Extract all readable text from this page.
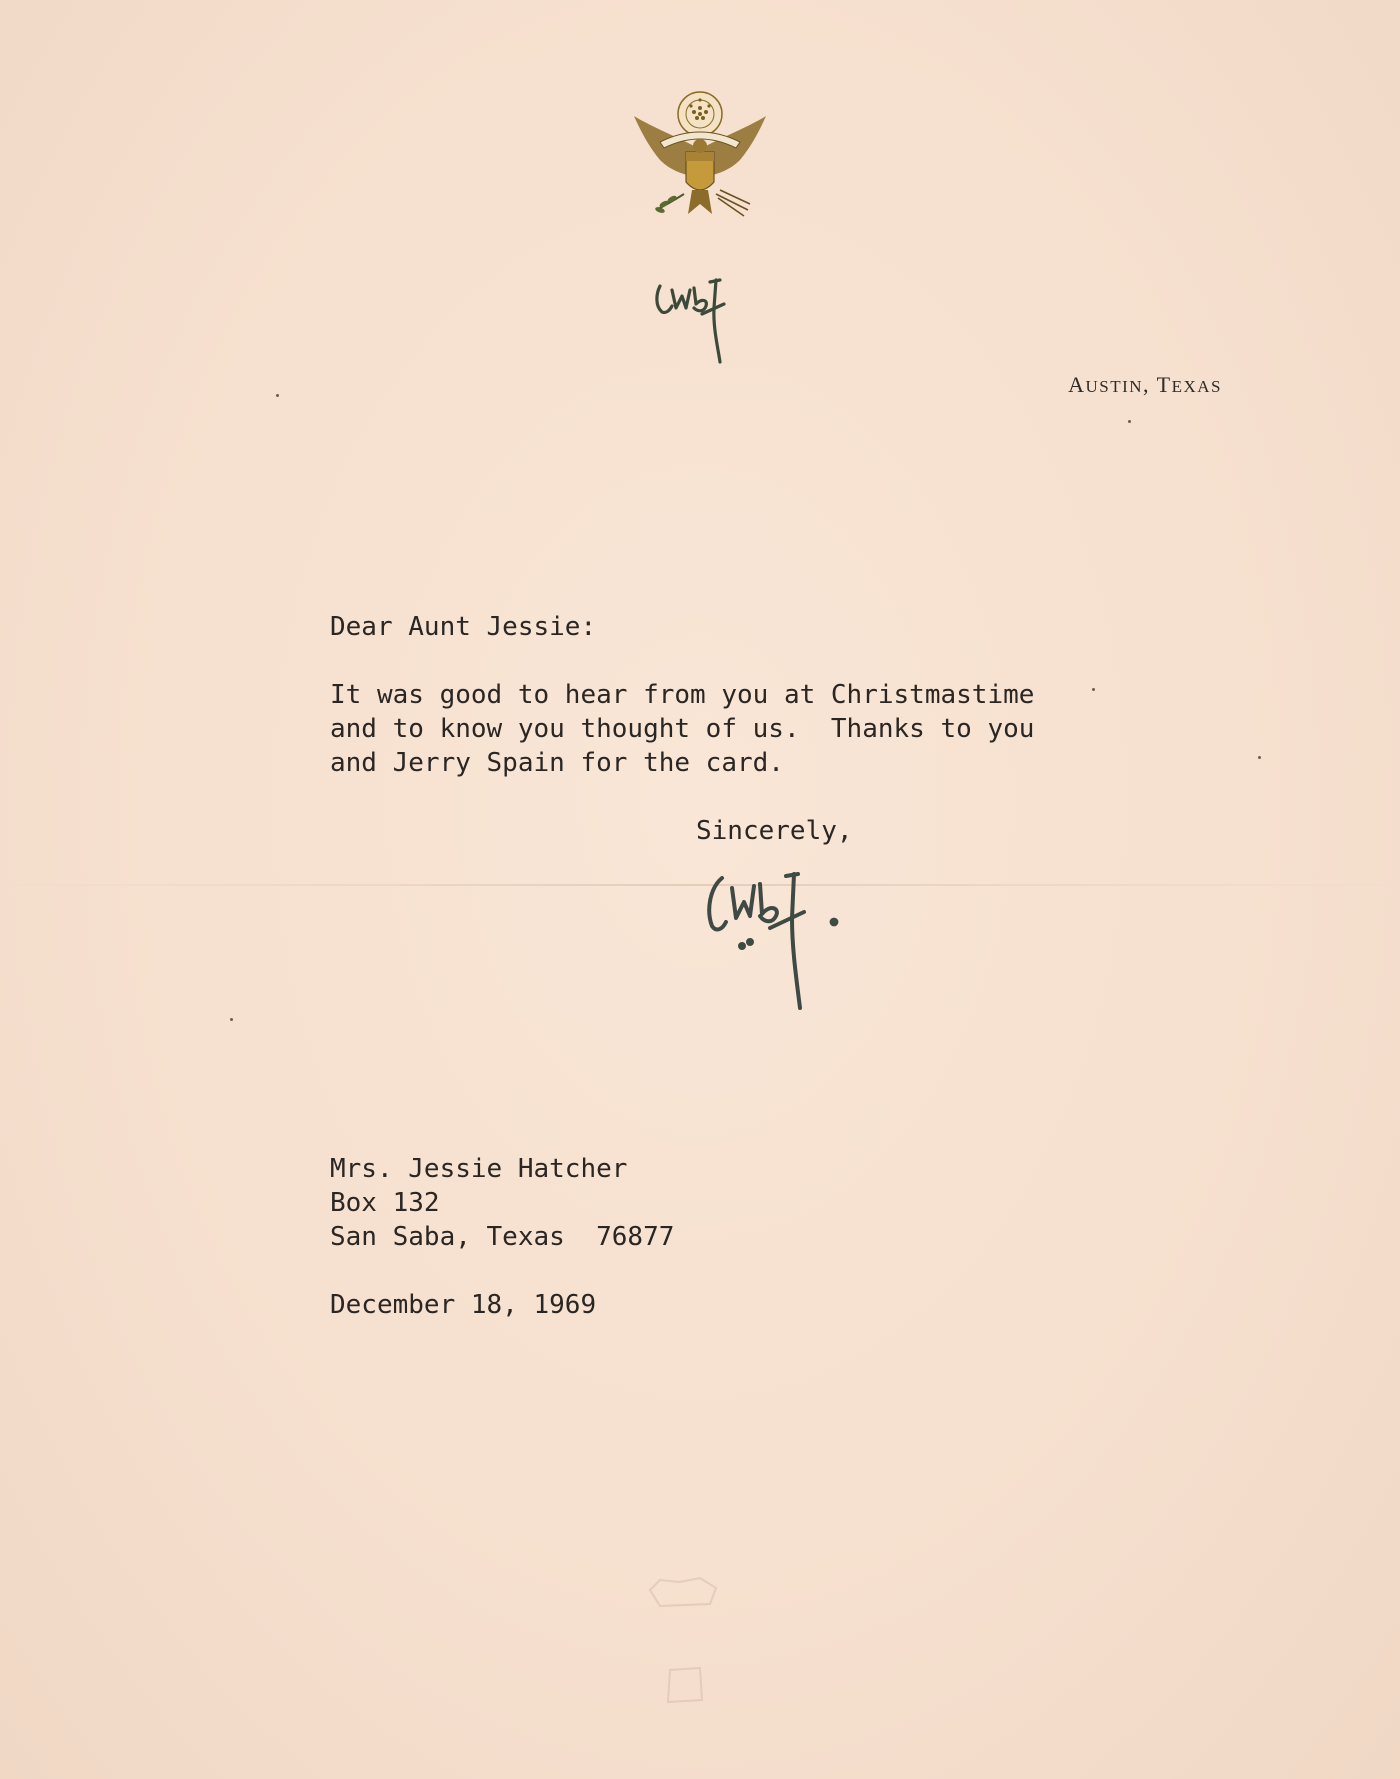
AUSTIN, TEXAS
Dear Aunt Jessie:
It was good to hear from you at Christmastime
and to know you thought of us.  Thanks to you
and Jerry Spain for the card.
Sincerely,
Mrs. Jessie Hatcher
Box 132
San Saba, Texas  76877
December 18, 1969
